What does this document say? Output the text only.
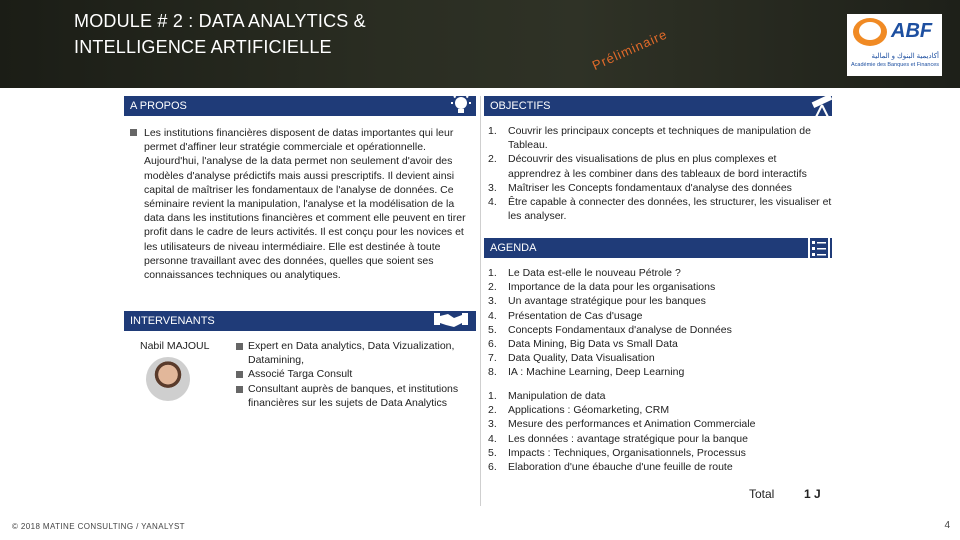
MODULE # 2 : DATA ANALYTICS &
INTELLIGENCE ARTIFICIELLE
ABF
أكاديمية البنوك و المالية
Académie des Banques et Finances
Préliminaire
A PROPOS
Les institutions financières disposent de datas importantes qui leur permet d'affiner leur stratégie commerciale et opérationnelle. Aujourd'hui, l'analyse de la data permet non seulement d'avoir des modèles d'analyse prédictifs mais aussi prescriptifs. Il devient ainsi capital de maîtriser les fondamentaux de l'analyse de données. Ce séminaire revient la manipulation, l'analyse et la modélisation de la data dans les institutions financières et comment elle peuvent en tirer profit dans le cadre de leurs activités. Il est conçu pour les novices et les utilisateurs de niveau intermédiaire. Elle est destinée à toute personne travaillant avec des données, quelles que soient ses connaissances techniques ou analytiques.
INTERVENANTS
Nabil MAJOUL	Expert en Data analytics, Data Vizualization, Datamining,
Associé Targa Consult
Consultant auprès de banques, et institutions financières sur les sujets de Data Analytics
OBJECTIFS
1. Couvrir les principaux concepts et techniques de manipulation de Tableau.
2. Découvrir des visualisations de plus en plus complexes et apprendrez à les combiner dans des tableaux de bord interactifs
3. Maîtriser les Concepts fondamentaux d'analyse des données
4. Être capable à connecter des données, les structurer, les visualiser et les analyser.
AGENDA
1. Le Data est-elle le nouveau Pétrole ?
2. Importance de la data pour les organisations
3. Un avantage stratégique pour les banques
4. Présentation de Cas d'usage
5. Concepts Fondamentaux d'analyse de Données
6. Data Mining, Big Data vs Small Data
7. Data Quality, Data Visualisation
8. IA : Machine Learning, Deep Learning
1. Manipulation de data
2. Applications : Géomarketing, CRM
3. Mesure des performances et Animation Commerciale
4. Les données : avantage stratégique pour la banque
5. Impacts : Techniques, Organisationnels, Processus
6. Elaboration d'une ébauche d'une feuille de route
Total 1 J
© 2018 MATINE CONSULTING / YANALYST	4
